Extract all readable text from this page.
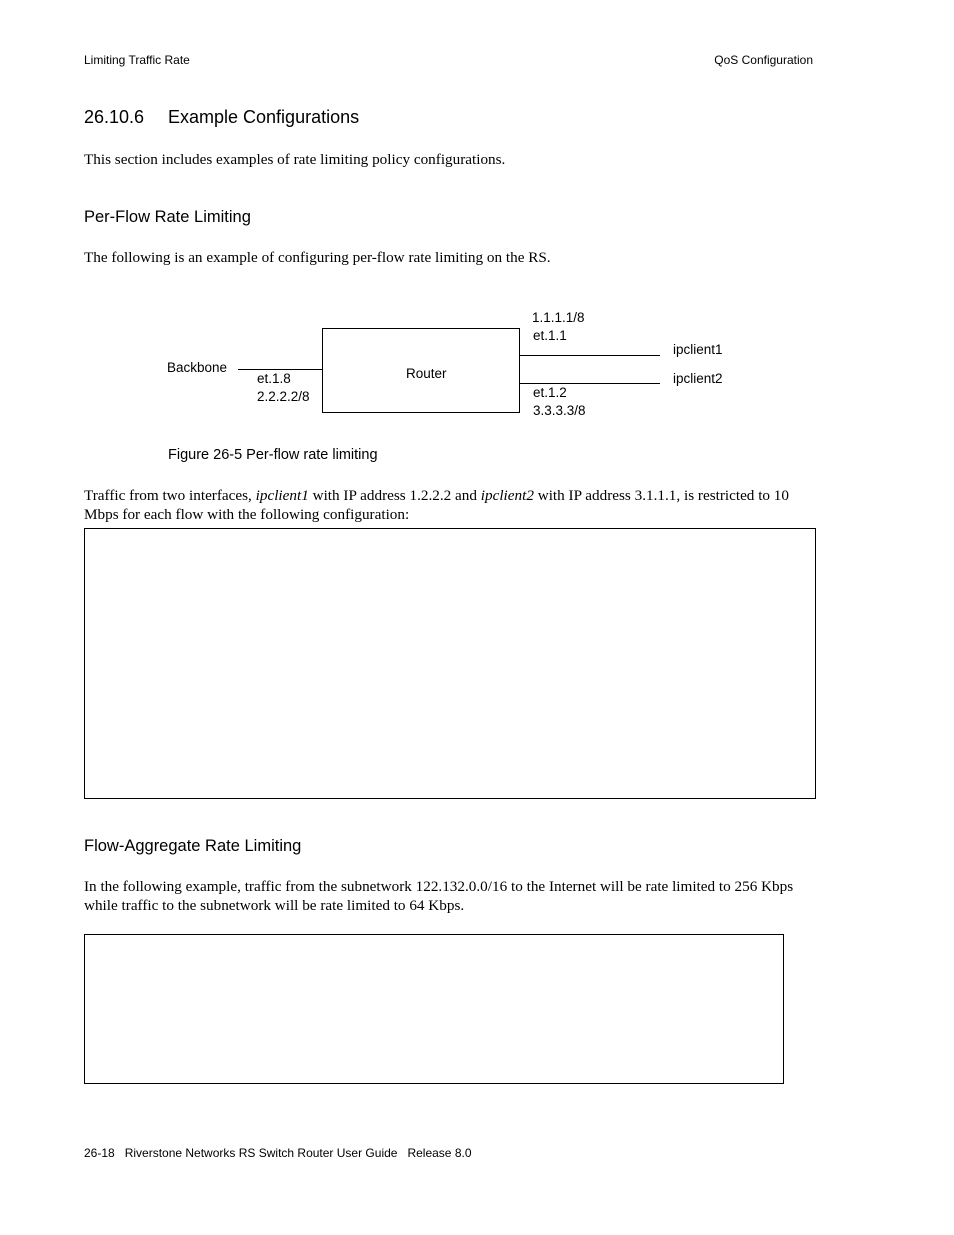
Limiting Traffic Rate	QoS Configuration
26.10.6 Example Configurations
This section includes examples of rate limiting policy configurations.
Per-Flow Rate Limiting
The following is an example of configuring per-flow rate limiting on the RS.
Router
Backbone
et.1.8
2.2.2.2/8
1.1.1.1/8
et.1.1
et.1.2
3.3.3.3/8
ipclient1
ipclient2
Figure 26-5 Per-flow rate limiting
Traffic from two interfaces, ipclient1 with IP address 1.2.2.2 and ipclient2 with IP address 3.1.1.1, is restricted to 10 Mbps for each flow with the following configuration:
Flow-Aggregate Rate Limiting
In the following example, traffic from the subnetwork 122.132.0.0/16 to the Internet will be rate limited to 256 Kbps while traffic to the subnetwork will be rate limited to 64 Kbps.
26-18   Riverstone Networks RS Switch Router User Guide   Release 8.0
